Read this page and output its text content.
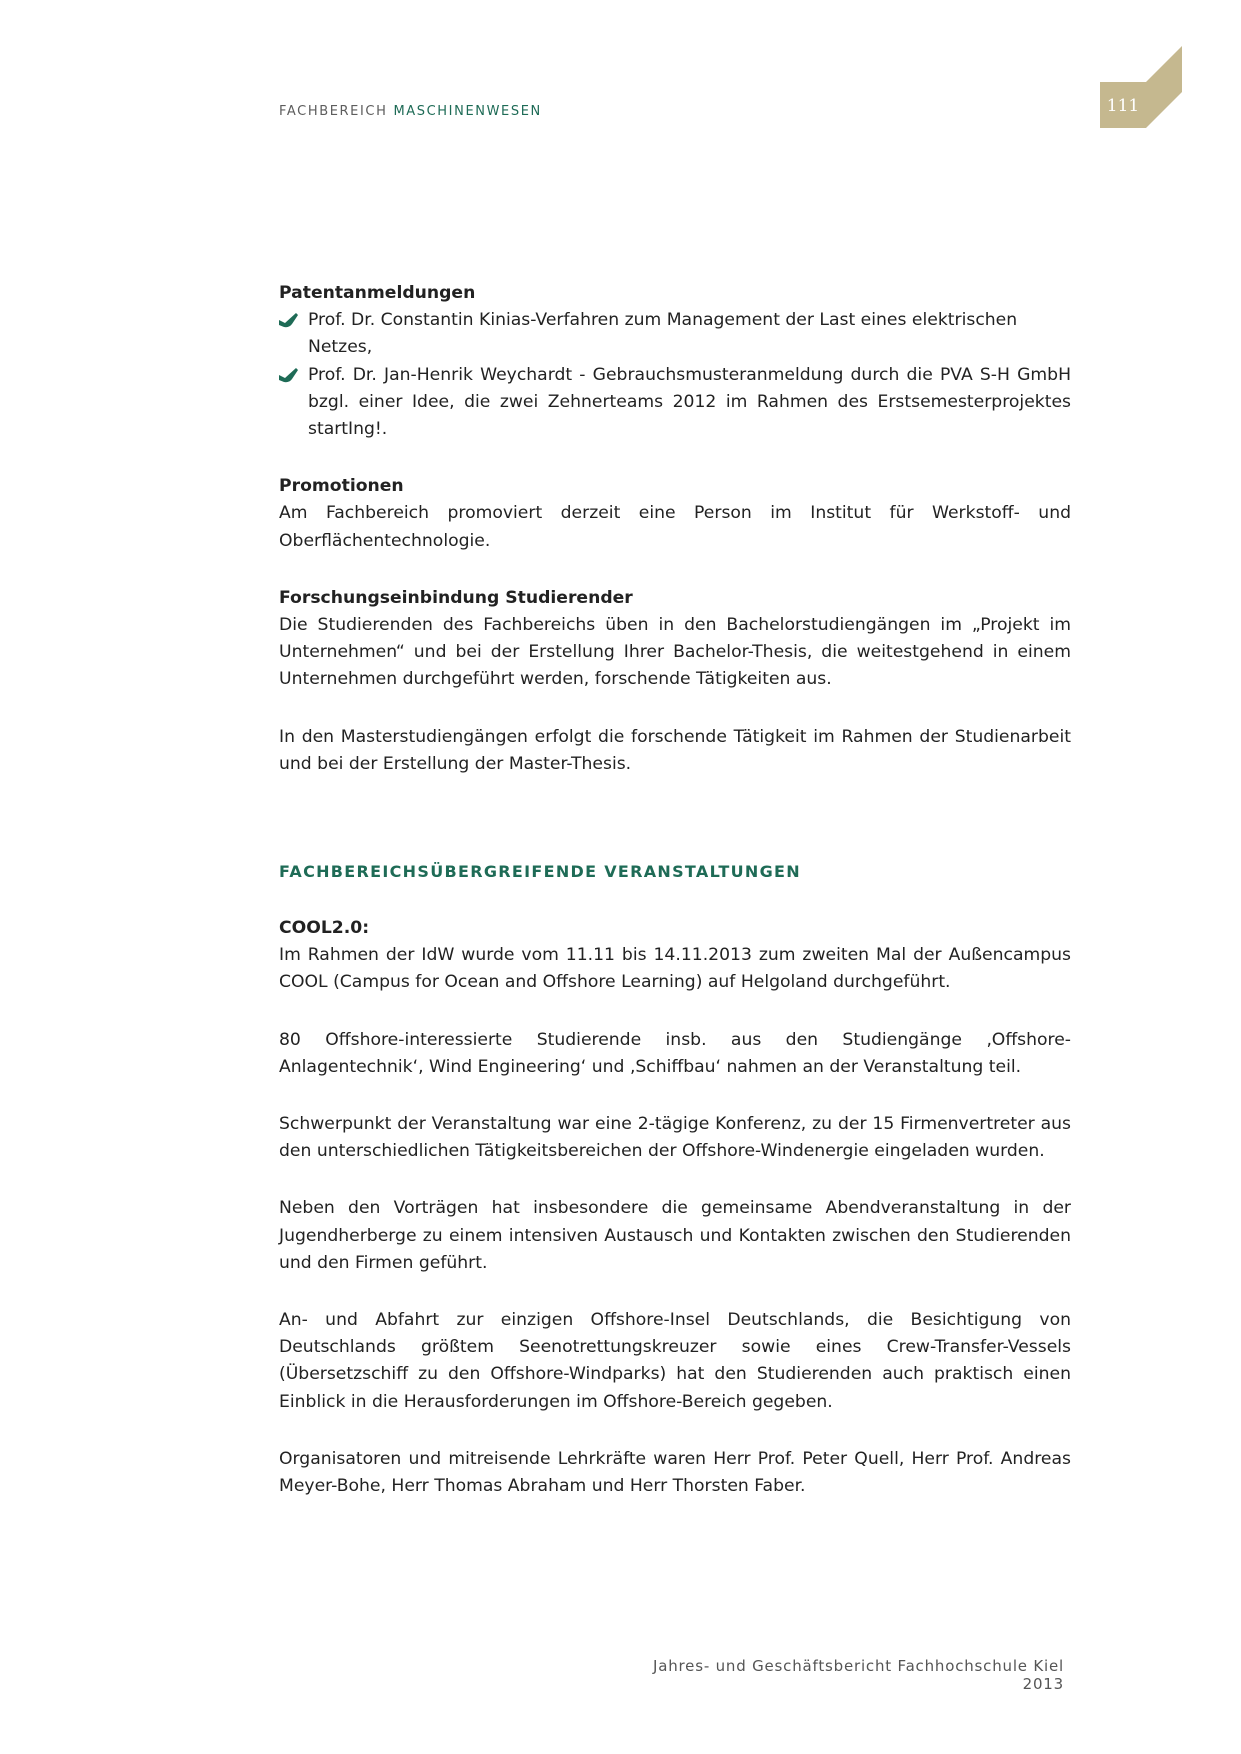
FACHBEREICH MASCHINENWESEN	111
Patentanmeldungen
Prof. Dr. Constantin Kinias-Verfahren zum Management der Last eines elektrischen Netzes,
Prof. Dr. Jan-Henrik Weychardt - Gebrauchsmusteranmeldung durch die PVA S-H GmbH bzgl. einer Idee, die zwei Zehnerteams 2012 im Rahmen des Erstsemesterprojektes startIng!.
Promotionen

Am Fachbereich promoviert derzeit eine Person im Institut für Werkstoff- und Oberflächentechnologie.

Forschungseinbindung Studierender

Die Studierenden des Fachbereichs üben in den Bachelorstudiengängen im „Projekt im Unternehmen“ und bei der Erstellung Ihrer Bachelor-Thesis, die weitestgehend in einem Unternehmen durchgeführt werden, forschende Tätigkeiten aus.

In den Masterstudiengängen erfolgt die forschende Tätigkeit im Rahmen der Studienarbeit und bei der Erstellung der Master-Thesis.

FACHBEREICHSÜBERGREIFENDE VERANSTALTUNGEN
COOL2.0:

Im Rahmen der IdW wurde vom 11.11 bis 14.11.2013 zum zweiten Mal der Außencampus COOL (Campus for Ocean and Offshore Learning) auf Helgoland durchgeführt.

80 Offshore-interessierte Studierende insb. aus den Studiengänge ‚Offshore-Anlagentechnik‘, Wind Engineering‘ und ‚Schiffbau‘ nahmen an der Veranstaltung teil.

Schwerpunkt der Veranstaltung war eine 2-tägige Konferenz, zu der 15 Firmenvertreter aus den unterschiedlichen Tätigkeitsbereichen der Offshore-Windenergie eingeladen wurden.

Neben den Vorträgen hat insbesondere die gemeinsame Abendveranstaltung in der Jugendherberge zu einem intensiven Austausch und Kontakten zwischen den Studierenden und den Firmen geführt.

An- und Abfahrt zur einzigen Offshore-Insel Deutschlands, die Besichtigung von Deutschlands größtem Seenotrettungskreuzer sowie eines Crew-Transfer-Vessels (Übersetzschiff zu den Offshore-Windparks) hat den Studierenden auch praktisch einen Einblick in die Herausforderungen im Offshore-Bereich gegeben.

Organisatoren und mitreisende Lehrkräfte waren Herr Prof. Peter Quell, Herr Prof. Andreas Meyer-Bohe, Herr Thomas Abraham und Herr Thorsten Faber.

Jahres- und Geschäftsbericht Fachhochschule Kiel 2013
